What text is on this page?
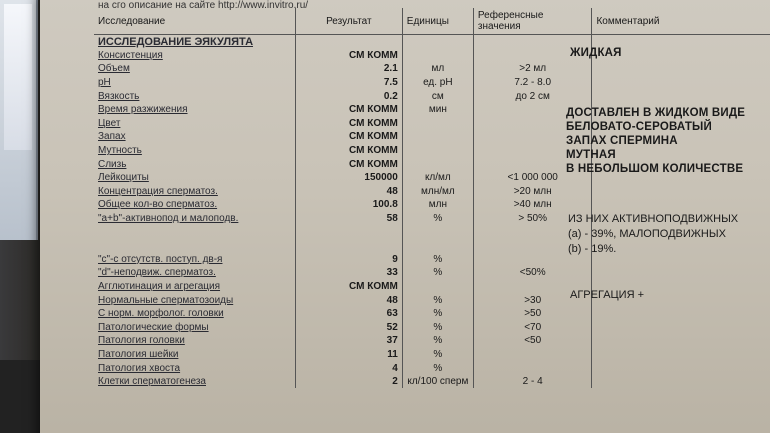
на сго описание на сайте http://www.invitro.ru/
Исследование	Результат	Единицы	Референсные значения	Комментарий
ИССЛЕДОВАНИЕ ЭЯКУЛЯТА				
Консистенция	СМ КОММ			
Объем	2.1	мл	>2 мл	
pH	7.5	ед. pH	7.2 - 8.0	
Вязкость	0.2	см	до 2 см	
Время разжижения	СМ КОММ	мин		
Цвет	СМ КОММ			
Запах	СМ КОММ			
Мутность	СМ КОММ			
Слизь	СМ КОММ			
Лейкоциты	150000	кл/мл	<1 000 000	
Концентрация сперматоз.	48	млн/мл	>20 млн	
Общее кол-во сперматоз.	100.8	млн	>40 млн	
"а+b"-активнопод и малоподв.	58	%	> 50%	

"c"-с отсутств. поступ. дв-я	9	%		
"d"-неподвиж. сперматоз.	33	%	<50%	
Агглютинация и агрегация	СМ КОММ			
Нормальные сперматозоиды	48	%	>30	
С норм. морфолог. головки	63	%	>50	
Патологические формы	52	%	<70	
Патология головки	37	%	<50	
Патология шейки	11	%		
Патология хвоста	4	%		
Клетки сперматогенеза	2	кл/100 сперм	2 - 4	
ЖИДКАЯ
ДОСТАВЛЕН В ЖИДКОМ ВИДЕ
БЕЛОВАТО-СЕРОВАТЫЙ
ЗАПАХ СПЕРМИНА
МУТНАЯ
В НЕБОЛЬШОМ КОЛИЧЕСТВЕ
ИЗ НИХ АКТИВНОПОДВИЖНЫХ
(a) - 39%, МАЛОПОДВИЖНЫХ
(b) - 19%.
АГРЕГАЦИЯ +
